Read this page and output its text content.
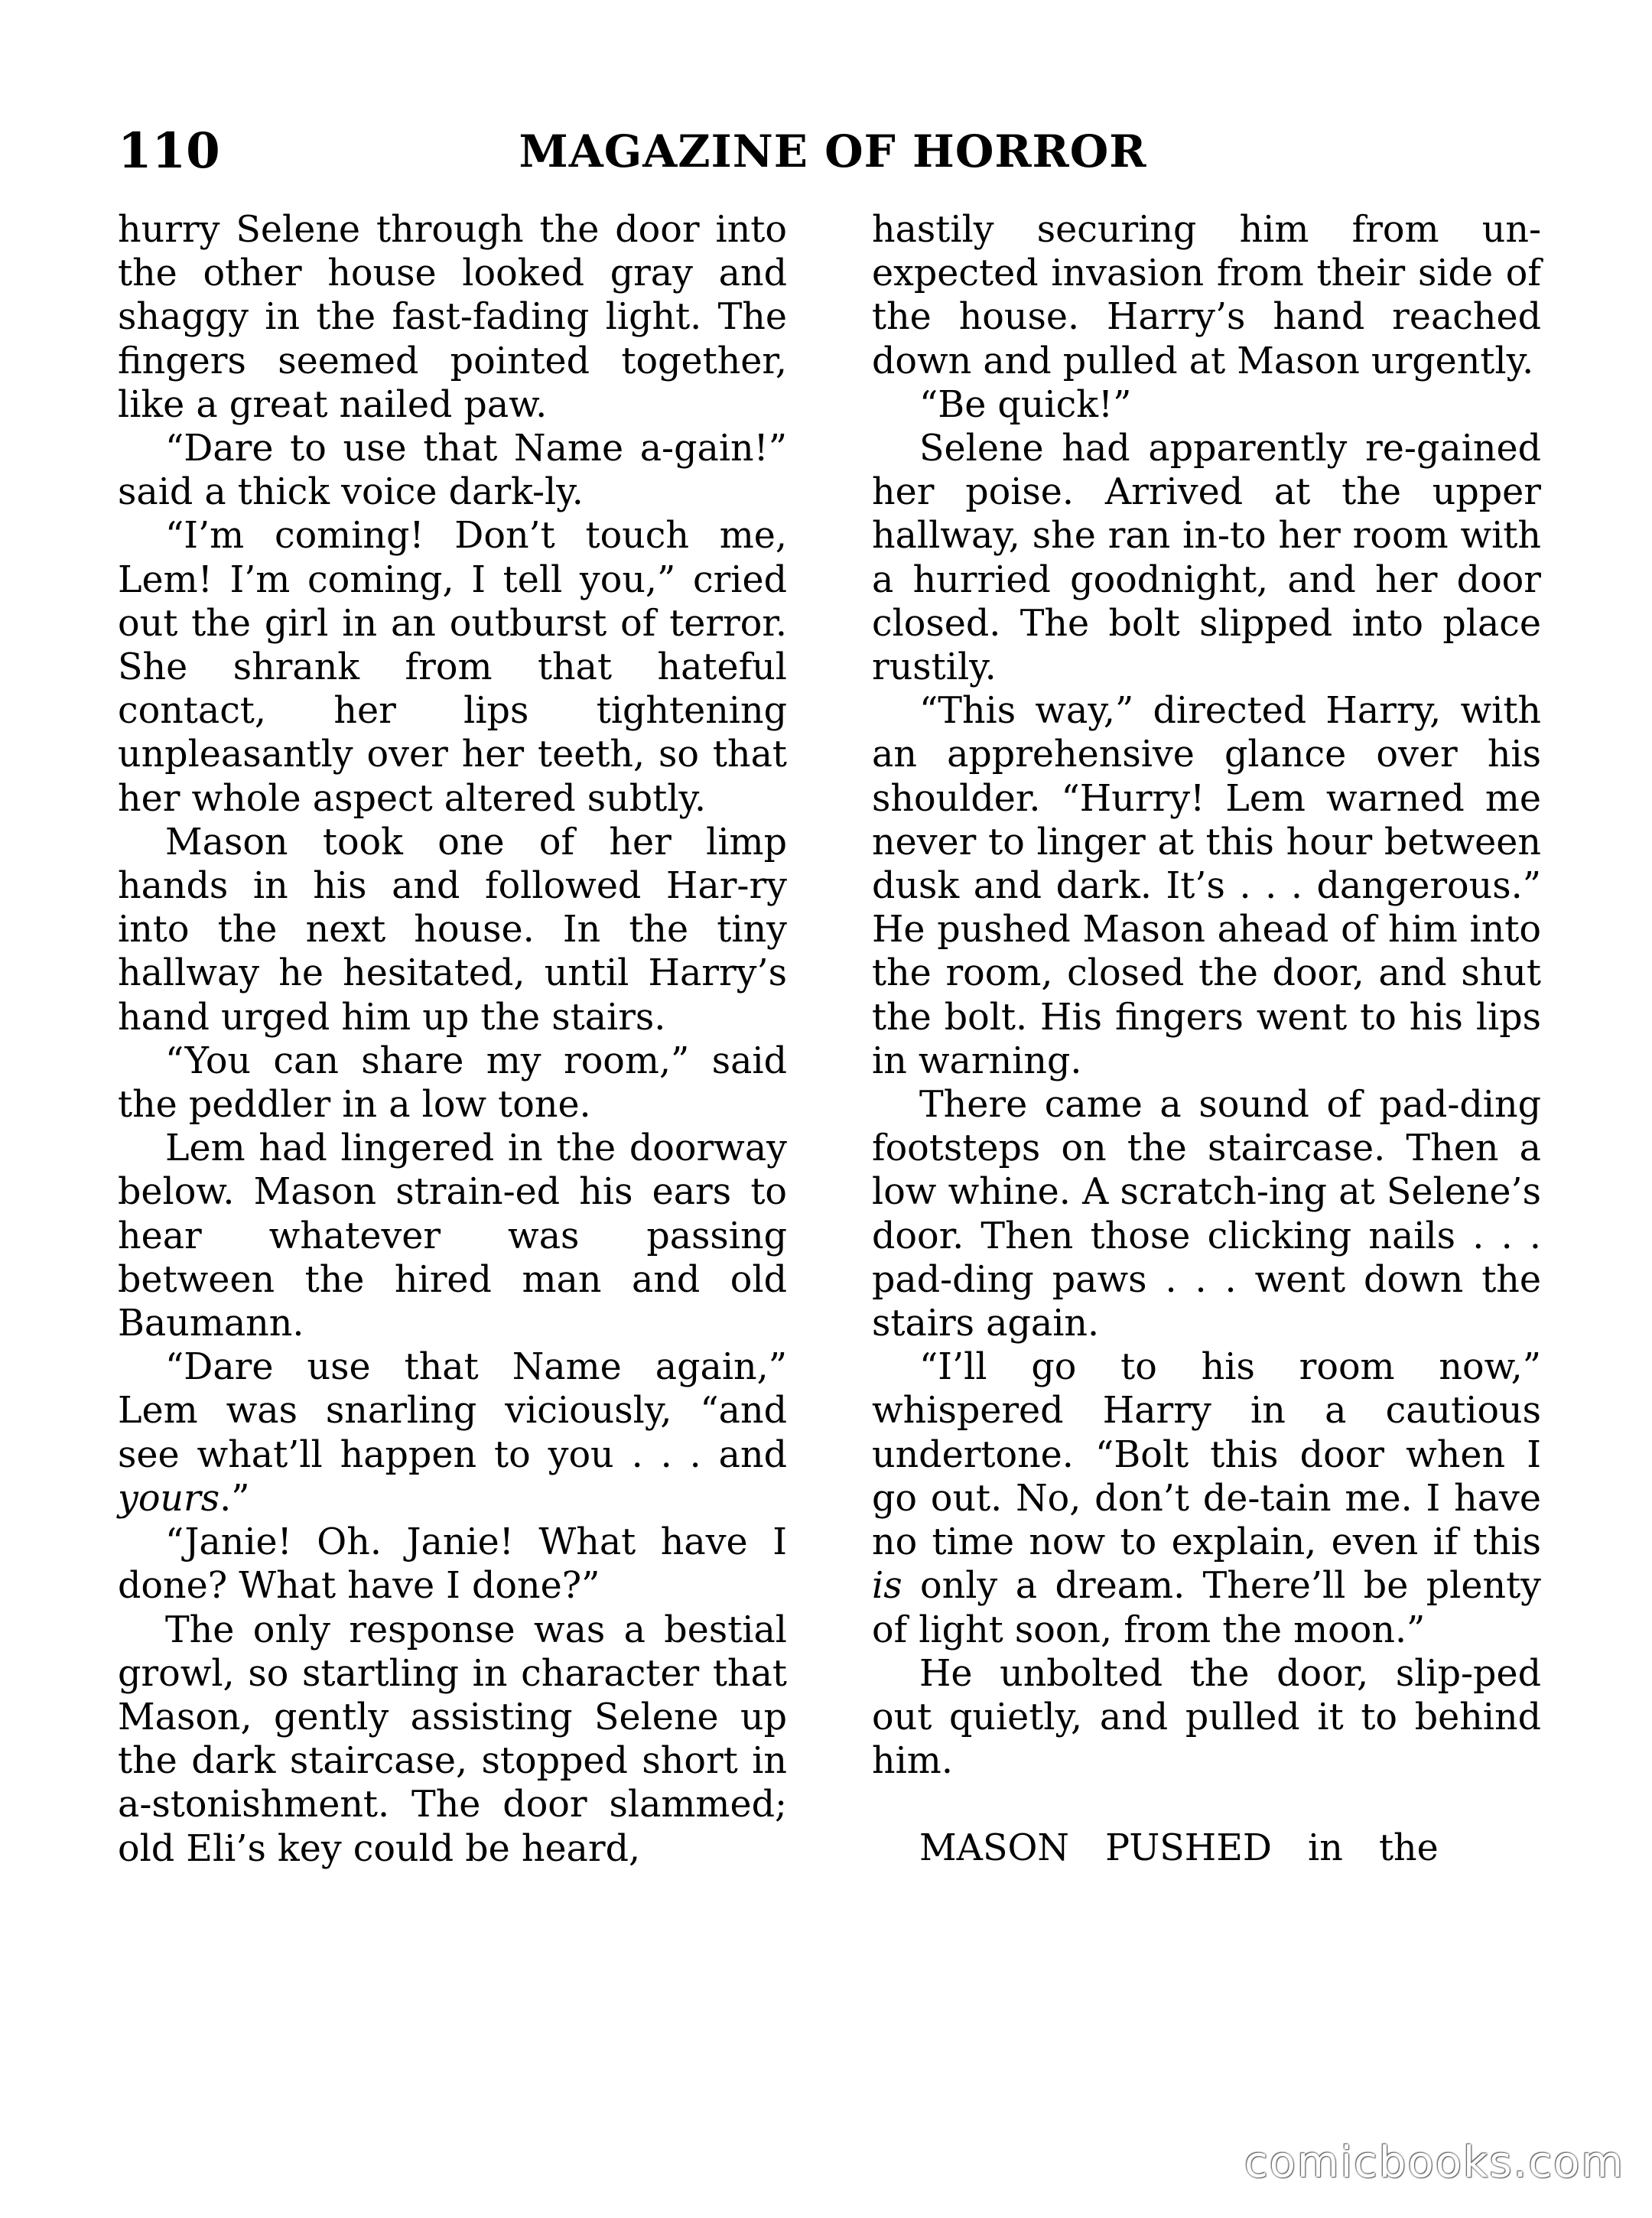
110	MAGAZINE OF HORROR

hurry Selene through the door into the other house looked gray and shaggy in the fast-fading light. The fingers seemed pointed together, like a great nailed paw.

“Dare to use that Name a-gain!” said a thick voice dark-ly.

“I’m coming! Don’t touch me, Lem! I’m coming, I tell you,” cried out the girl in an outburst of terror. She shrank from that hateful contact, her lips tightening unpleasantly over her teeth, so that her whole aspect altered subtly.

Mason took one of her limp hands in his and followed Har-ry into the next house. In the tiny hallway he hesitated, until Harry’s hand urged him up the stairs.

“You can share my room,” said the peddler in a low tone.

Lem had lingered in the doorway below. Mason strain-ed his ears to hear whatever was passing between the hired man and old Baumann.

“Dare use that Name again,” Lem was snarling viciously, “and see what’ll happen to you . . . and yours.”

“Janie! Oh. Janie! What have I done? What have I done?”

The only response was a bestial growl, so startling in character that Mason, gently assisting Selene up the dark staircase, stopped short in a-stonishment. The door slammed; old Eli’s key could be heard,

hastily securing him from un-expected invasion from their side of the house. Harry’s hand reached down and pulled at Mason urgently.

“Be quick!”

Selene had apparently re-gained her poise. Arrived at the upper hallway, she ran in-to her room with a hurried goodnight, and her door closed. The bolt slipped into place rustily.

“This way,” directed Harry, with an apprehensive glance over his shoulder. “Hurry! Lem warned me never to linger at this hour between dusk and dark. It’s . . . dangerous.” He pushed Mason ahead of him into the room, closed the door, and shut the bolt. His fingers went to his lips in warning.

There came a sound of pad-ding footsteps on the staircase. Then a low whine. A scratch-ing at Selene’s door. Then those clicking nails . . . pad-ding paws . . . went down the stairs again.

“I’ll go to his room now,” whispered Harry in a cautious undertone. “Bolt this door when I go out. No, don’t de-tain me. I have no time now to explain, even if this is only a dream. There’ll be plenty of light soon, from the moon.”

He unbolted the door, slip-ped out quietly, and pulled it to behind him.

MASON PUSHED in the

comicbooks.com
